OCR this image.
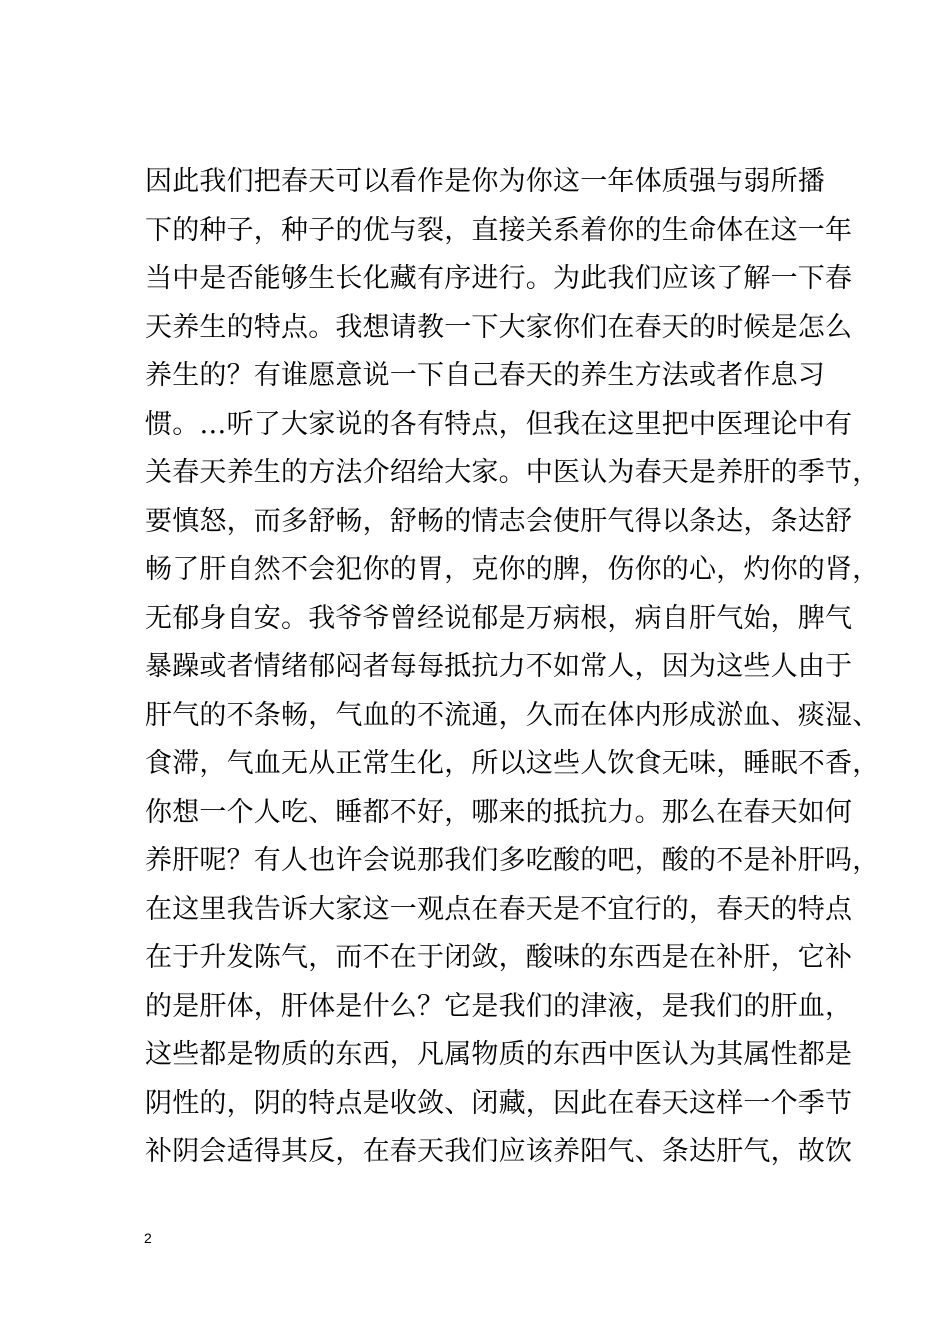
因此我们把春天可以看作是你为你这一年体质强与弱所播
下的种子，种子的优与裂，直接关系着你的生命体在这一年
当中是否能够生长化藏有序进行。为此我们应该了解一下春
天养生的特点。我想请教一下大家你们在春天的时候是怎么
养生的？有谁愿意说一下自己春天的养生方法或者作息习
惯。…听了大家说的各有特点，但我在这里把中医理论中有
关春天养生的方法介绍给大家。中医认为春天是养肝的季节，
要慎怒，而多舒畅，舒畅的情志会使肝气得以条达，条达舒
畅了肝自然不会犯你的胃，克你的脾，伤你的心，灼你的肾，
无郁身自安。我爷爷曾经说郁是万病根，病自肝气始，脾气
暴躁或者情绪郁闷者每每抵抗力不如常人，因为这些人由于
肝气的不条畅，气血的不流通，久而在体内形成淤血、痰湿、
食滞，气血无从正常生化，所以这些人饮食无味，睡眠不香，
你想一个人吃、睡都不好，哪来的抵抗力。那么在春天如何
养肝呢？有人也许会说那我们多吃酸的吧，酸的不是补肝吗，
在这里我告诉大家这一观点在春天是不宜行的，春天的特点
在于升发陈气，而不在于闭敛，酸味的东西是在补肝，它补
的是肝体，肝体是什么？它是我们的津液，是我们的肝血，
这些都是物质的东西，凡属物质的东西中医认为其属性都是
阴性的，阴的特点是收敛、闭藏，因此在春天这样一个季节
补阴会适得其反，在春天我们应该养阳气、条达肝气，故饮
2
